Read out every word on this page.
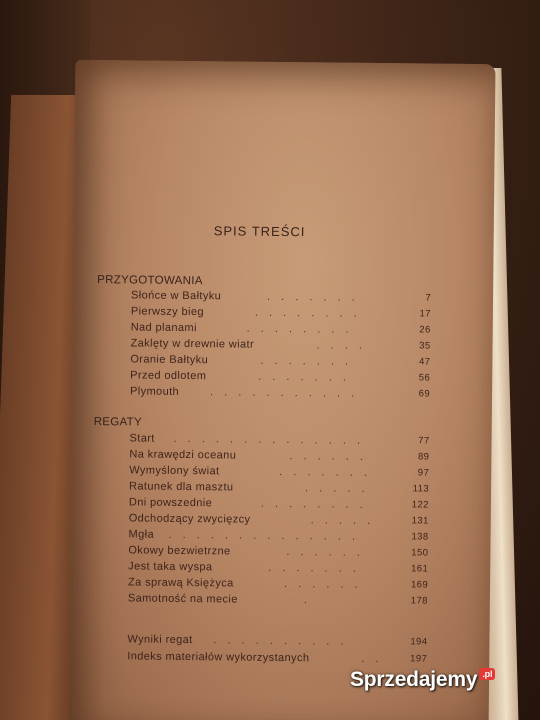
SPIS TREŚCI
PRZYGOTOWANIA
Słońce w Bałtyku	. . . . . . .	7
Pierwszy bieg	. . . . . . . .	17
Nad planami	. . . . . . . .	26
Zaklęty w drewnie wiatr	. . . .	35
Oranie Bałtyku	. . . . . . .	47
Przed odlotem	. . . . . . .	56
Plymouth	. . . . . . . . . . .	69
REGATY
Start . . . . . . . . . . . . . .	77
Na krawędzi oceanu	. . . . . .	89
Wymyślony świat	. . . . . . .	97
Ratunek dla masztu	. . . . .	113
Dni powszednie	. . . . . . . .	122
Odchodzący zwycięzcy	. . . . .	131
Mgła . . . . . . . . . . . . . .	138
Okowy bezwietrzne	. . . . . .	150
Jest taka wyspa	. . . . . . .	161
Za sprawą Księżyca	. . . . . .	169
Samotność na mecie	.	178
Wyniki regat . . . . . . . . . .	194
Indeks materiałów wykorzystanych	. .	197
Sprzedajemy .pl
